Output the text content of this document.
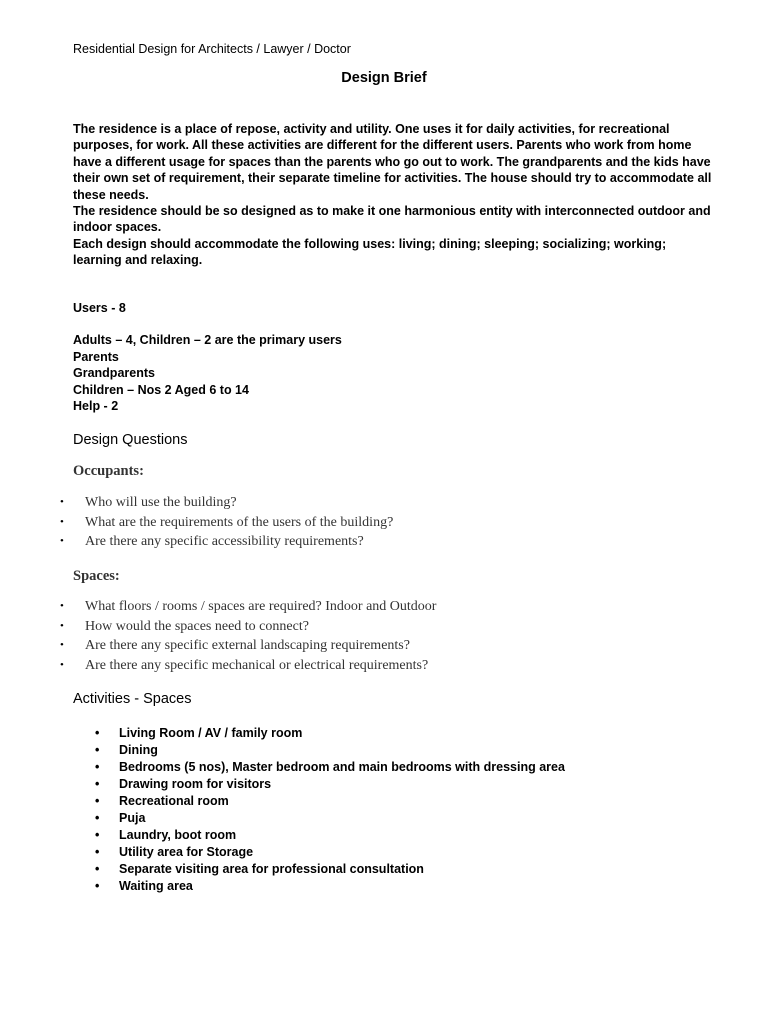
Residential Design for Architects / Lawyer / Doctor
Design Brief

The residence is a place of repose, activity and utility. One uses it for daily activities, for recreational purposes, for work. All these activities are different for the different users. Parents who work from home have a different usage for spaces than the parents who go out to work. The grandparents and the kids have their own set of requirement, their separate timeline for activities. The house should try to accommodate all these needs.

The residence should be so designed as to make it one harmonious entity with interconnected outdoor and indoor spaces.

Each design should accommodate the following uses: living; dining; sleeping; socializing; working; learning and relaxing.

Users - 8
Adults – 4, Children – 2 are the primary users
Parents
Grandparents
Children – Nos 2 Aged 6 to 14
Help - 2
Design Questions
Occupants:
• Who will use the building?
• What are the requirements of the users of the building?
• Are there any specific accessibility requirements?
Spaces:
• What floors / rooms / spaces are required? Indoor and Outdoor
• How would the spaces need to connect?
• Are there any specific external landscaping requirements?
• Are there any specific mechanical or electrical requirements?
Activities - Spaces
• Living Room / AV / family room
• Dining
• Bedrooms (5 nos), Master bedroom and main bedrooms with dressing area
• Drawing room for visitors
• Recreational room
• Puja
• Laundry, boot room
• Utility area for Storage
• Separate visiting area for professional consultation
• Waiting area
